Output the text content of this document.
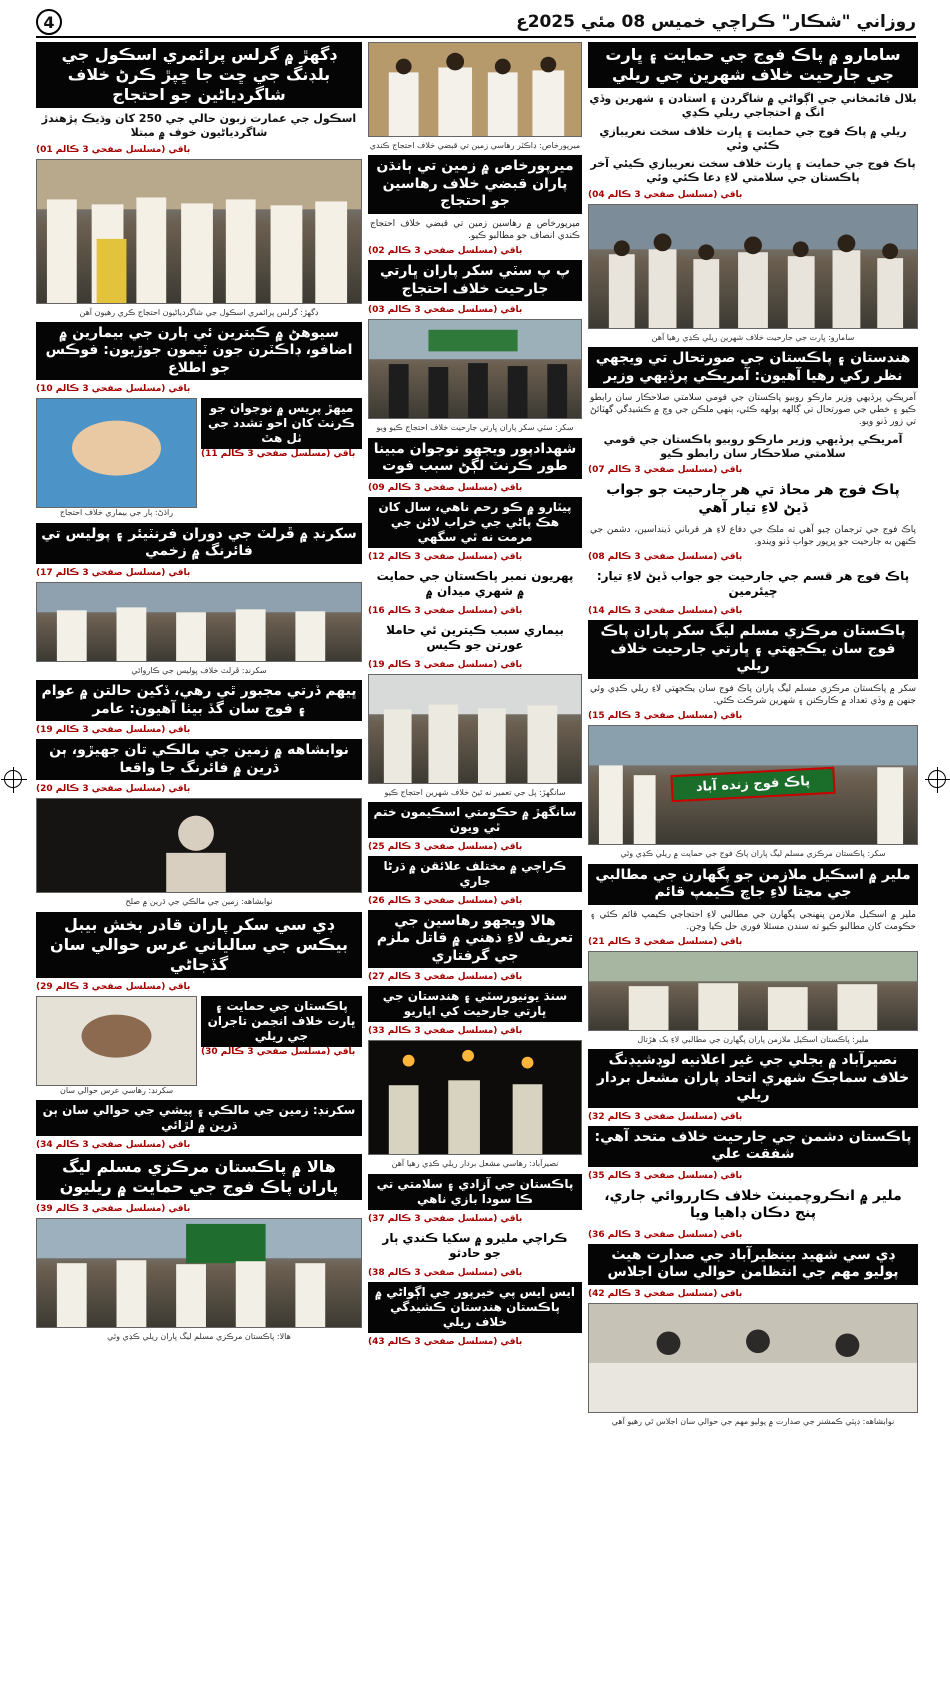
4	روزاني "شڪار" ڪراچي خميس 08 مئي 2025ع
سامارو ۾ پاڪ فوج جي حمايت ۽ ڀارت جي جارحيت خلاف شهرين جي ريلي
بلال قائمخاني جي اڳواڻي ۾ شاگردن ۽ استادن ۽ شهرين وڏي انگ ۾ احتجاجي ريلي ڪڍي
ريلي ۾ پاڪ فوج جي حمايت ۽ ڀارت خلاف سخت نعريبازي ڪئي وئي
پاڪ فوج جي حمايت ۽ ڀارت خلاف سخت نعريبازي ڪيئي آخر پاڪستان جي سلامتي لاءِ دعا ڪئي وئي
باقي (مسلسل صفحي 3 ڪالم 04)
سامارو: ڀارت جي جارحيت خلاف شهرين ريلي ڪڍي رهيا آهن
هندستان ۽ پاڪستان جي صورتحال تي ويجهي نظر رکي رهيا آهيون: آمريڪي پرڏيهي وزير
آمريڪي پرڏيهي وزير مارڪو روبيو پاڪستان جي قومي سلامتي صلاحڪار سان رابطو ڪيو ۽ خطي جي صورتحال تي ڳالهه ٻولهه ڪئي، ٻنهي ملڪن جي وچ ۾ ڪشيدگي گهٽائڻ تي زور ڏنو ويو.
آمريڪي پرڏيهي وزير مارڪو روبيو پاڪستان جي قومي سلامتي صلاحڪار سان رابطو ڪيو
باقي (مسلسل صفحي 3 ڪالم 07)
پاڪ فوج هر محاذ تي هر جارحيت جو جواب ڏيڻ لاءِ تيار آهي
پاڪ فوج جي ترجمان چيو آهي ته ملڪ جي دفاع لاءِ هر قرباني ڏينداسين، دشمن جي ڪنهن به جارحيت جو ڀرپور جواب ڏنو ويندو.
باقي (مسلسل صفحي 3 ڪالم 08)
پاڪ فوج هر قسم جي جارحيت جو جواب ڏيڻ لاءِ تيار: چيئرمين
باقي (مسلسل صفحي 3 ڪالم 14)
پاڪستان مرڪزي مسلم ليگ سکر پاران پاڪ فوج سان يڪجهتي ۽ ڀارتي جارحيت خلاف ريلي
سکر ۾ پاڪستان مرڪزي مسلم ليگ پاران پاڪ فوج سان يڪجهتي لاءِ ريلي ڪڍي وئي جنهن ۾ وڏي تعداد ۾ ڪارڪنن ۽ شهرين شرڪت ڪئي.
باقي (مسلسل صفحي 3 ڪالم 15)
پاڪ فوج زنده آباد
سکر: پاڪستان مرڪزي مسلم ليگ پاران پاڪ فوج جي حمايت ۾ ريلي ڪڍي وئي
ملير ۾ اسڪيل ملازمن جو پگهارن جي مطالبي جي مڃتا لاءِ جاچ ڪيمپ قائم
ملير ۾ اسڪيل ملازمن پنهنجي پگهارن جي مطالبي لاءِ احتجاجي ڪيمپ قائم ڪئي ۽ حڪومت کان مطالبو ڪيو ته سندن مسئلا فوري حل ڪيا وڃن.
باقي (مسلسل صفحي 3 ڪالم 21)
ملير: پاڪستان اسڪيل ملازمن پاران پگهارن جي مطالبي لاءِ بک هڙتال
نصيرآباد ۾ بجلي جي غير اعلانيه لوڊشيڊنگ خلاف سماجڪ شهري اتحاد پاران مشعل بردار ريلي
باقي (مسلسل صفحي 3 ڪالم 32)
پاڪستان دشمن جي جارحيت خلاف متحد آهي: شفقت علي
باقي (مسلسل صفحي 3 ڪالم 35)
ملير ۾ انڪروچمينٽ خلاف ڪارروائي جاري، پنج دڪان ڊاهيا ويا
باقي (مسلسل صفحي 3 ڪالم 36)
ڊي سي شهيد بينظيرآباد جي صدارت هيٺ پوليو مهم جي انتظامن حوالي سان اجلاس
باقي (مسلسل صفحي 3 ڪالم 42)
نوابشاهه: ڊپٽي ڪمشنر جي صدارت ۾ پوليو مهم جي حوالي سان اجلاس ٿي رهيو آهي
ميرپورخاص: ڊاڪٽر رهاسي زمين تي قبضي خلاف احتجاج ڪندي
ميرپورخاص ۾ زمين تي ٻانڌن پاران قبضي خلاف رهاسين جو احتجاج
ميرپورخاص ۾ رهاسين زمين تي قبضي خلاف احتجاج ڪندي انصاف جو مطالبو ڪيو.
باقي (مسلسل صفحي 3 ڪالم 02)
پ پ سٽي سکر پاران ڀارتي جارحيت خلاف احتجاج
باقي (مسلسل صفحي 3 ڪالم 03)
سکر: سٽي سکر پاران ڀارتي جارحيت خلاف احتجاج ڪيو ويو
شهدادپور ويجهو نوجوان مبينا طور ڪرنٽ لڳڻ سبب فوت
باقي (مسلسل صفحي 3 ڪالم 09)
پيٽارو ۾ ڪو رحم ناهي، سال کان هڪ پاڻي جي خراب لائن جي مرمت نه ٿي سگهي
باقي (مسلسل صفحي 3 ڪالم 12)
پهريون نمبر پاڪستان جي حمايت ۾ شهري ميدان ۾
باقي (مسلسل صفحي 3 ڪالم 16)
بيماري سبب ڪيترين ئي حاملا عورتن جو ڪيس
باقي (مسلسل صفحي 3 ڪالم 19)
سانگهڙ: پل جي تعمير نه ٿيڻ خلاف شهرين احتجاج ڪيو
سانگهڙ ۾ حڪومتي اسڪيمون ختم ٿي ويون
باقي (مسلسل صفحي 3 ڪالم 25)
ڪراچي ۾ مختلف علائقن ۾ ڌرڻا جاري
باقي (مسلسل صفحي 3 ڪالم 26)
هالا ويجهو رهاسين جي تعريف لاءِ ذهني ۾ قاتل ملزم جي گرفتاري
باقي (مسلسل صفحي 3 ڪالم 27)
سنڌ يونيورسٽي ۽ هندستان جي ڀارتي جارحيت کي اڀاريو
باقي (مسلسل صفحي 3 ڪالم 33)
نصيرآباد: رهاسي مشعل بردار ريلي ڪڍي رهيا آهن
پاڪستان جي آزادي ۽ سلامتي تي ڪا سودا بازي ناهي
باقي (مسلسل صفحي 3 ڪالم 37)
ڪراچي مليرو ۾ سکيا ڪندي ٻار جو حادثو
باقي (مسلسل صفحي 3 ڪالم 38)
ايس ايس پي خيرپور جي اڳواڻي ۾ پاڪستان هندستان ڪشيدگي خلاف ريلي
باقي (مسلسل صفحي 3 ڪالم 43)
ڊگهڙ ۾ گرلس پرائمري اسڪول جي بلڊنگ جي ڇت جا ڇپڙ ڪرڻ خلاف شاگردياڻين جو احتجاج
اسڪول جي عمارت زبون حالي جي 250 کان وڌيڪ پڙهندڙ شاگردياڻيون خوف ۾ مبتلا
باقي (مسلسل صفحي 3 ڪالم 01)
ڊگهڙ: گرلس پرائمري اسڪول جي شاگردياڻيون احتجاج ڪري رهيون آهن
سيوهڻ ۾ ڪيترين ئي ٻارن جي بيمارين ۾ اضافو، ڊاڪٽرن جون ٽيمون جوڙيون: فوڪس جو اطلاع
باقي (مسلسل صفحي 3 ڪالم 10)
ميهڙ پريس ۾ نوجوان جو ڪرنٽ کان احو تشدد جي ٺل هٿ
باقي (مسلسل صفحي 3 ڪالم 11)
راڌڻ: ٻار جي بيماري خلاف احتجاج
سکرنڊ ۾ ڦرلٽ جي دوران فرنٽيئر ۽ پوليس تي فائرنگ ۾ زخمي
باقي (مسلسل صفحي 3 ڪالم 17)
سکرنڊ: ڦرلٽ خلاف پوليس جي ڪاروائي
ڀيهم ڏرتي مجبور ٿي رهي، ڏکين حالتن ۾ عوام ۽ فوج سان گڏ بيٺا آهيون: عامر
باقي (مسلسل صفحي 3 ڪالم 19)
نوابشاهه ۾ زمين جي مالڪي تان جهيڙو، ٻن ڌرين ۾ فائرنگ جا واقعا
باقي (مسلسل صفحي 3 ڪالم 20)
نوابشاهه: زمين جي مالڪي جي ڌرين ۾ صلح
ڊي سي سکر پاران قادر بخش بيبل بيڪس جي سالياني عرس حوالي سان گڏجاڻي
باقي (مسلسل صفحي 3 ڪالم 29)
پاڪستان جي حمايت ۽ ڀارت خلاف انجمن تاجران جي ريلي
باقي (مسلسل صفحي 3 ڪالم 30)
سکرنڊ: رهاسي عرس حوالي سان
سکرنڊ: زمين جي مالڪي ۽ پيشي جي حوالي سان ٻن ڌرين ۾ لڙائي
باقي (مسلسل صفحي 3 ڪالم 34)
هالا ۾ پاڪستان مرڪزي مسلم ليگ پاران پاڪ فوج جي حمايت ۾ ريليون
باقي (مسلسل صفحي 3 ڪالم 39)
هالا: پاڪستان مرڪزي مسلم ليگ پاران ريلي ڪڍي وئي
